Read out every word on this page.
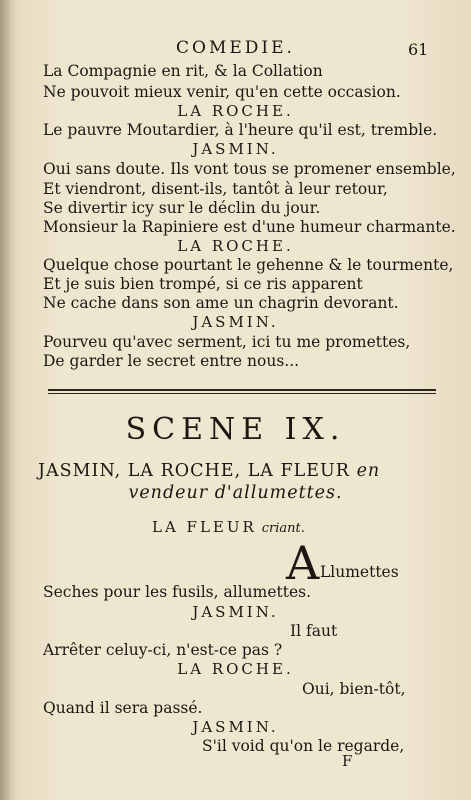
COMEDIE.	61
La Compagnie en rit, & la Collation
Ne pouvoit mieux venir, qu'en cette occasion.
LA ROCHE.
Le pauvre Moutardier, à l'heure qu'il est, tremble.
JASMIN.
Oui sans doute. Ils vont tous se promener ensemble,
Et viendront, disent-ils, tantôt à leur retour,
Se divertir icy sur le déclin du jour.
Monsieur la Rapiniere est d'une humeur charmante.
LA ROCHE.
Quelque chose pourtant le gehenne & le tourmente,
Et je suis bien trompé, si ce ris apparent
Ne cache dans son ame un chagrin devorant.
JASMIN.
Pourveu qu'avec serment, ici tu me promettes,
De garder le secret entre nous...
SCENE IX.
JASMIN, LA ROCHE, LA FLEUR en
vendeur d'allumettes.
LA FLEUR criant.
A Llumettes
Seches pour les fusils, allumettes.
JASMIN.
Il faut
Arrêter celuy-ci, n'est-ce pas ?
LA ROCHE.
Oui, bien-tôt,
Quand il sera passé.
JASMIN.
S'il void qu'on le regarde,
F
